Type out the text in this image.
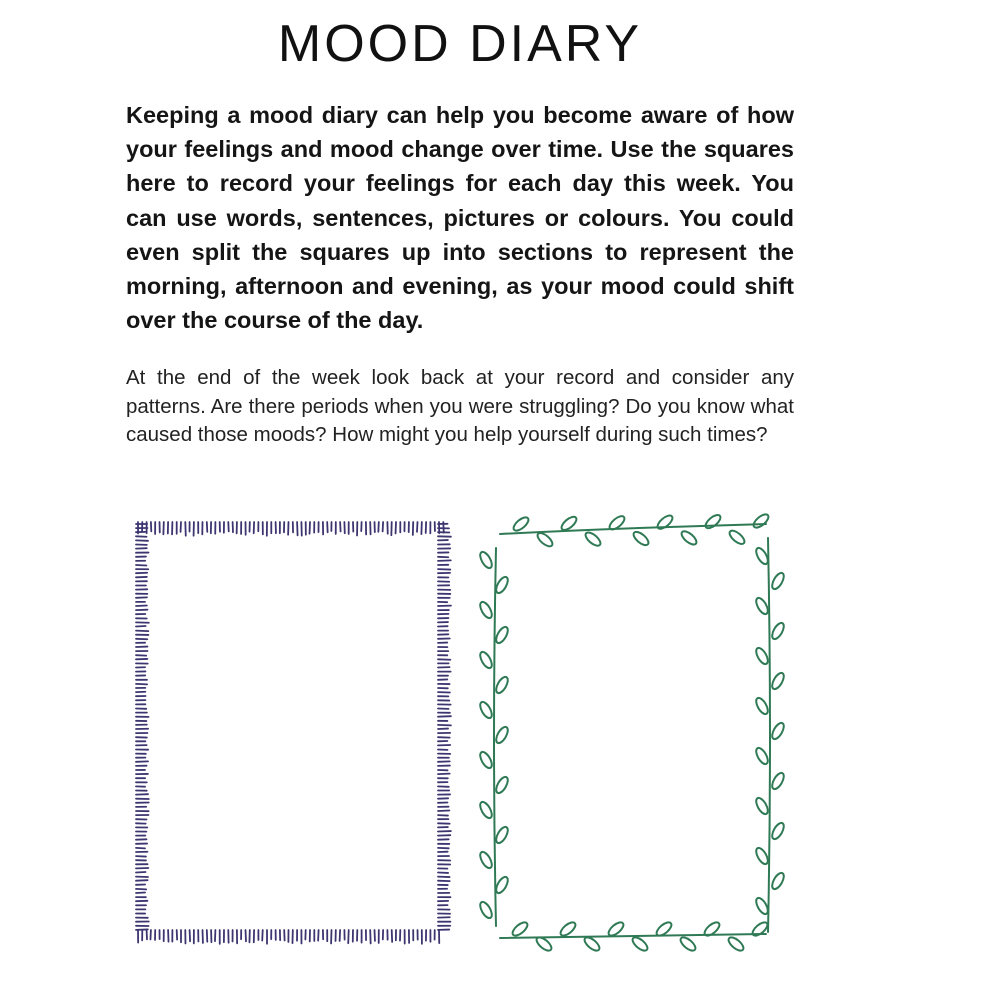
MOOD DIARY

Keeping a mood diary can help you become aware of how your feelings and mood change over time. Use the squares here to record your feelings for each day this week. You can use words, sentences, pictures or colours. You could even split the squares up into sections to represent the morning, afternoon and evening, as your mood could shift over the course of the day.

At the end of the week look back at your record and consider any patterns. Are there periods when you were struggling? Do you know what caused those moods? How might you help yourself during such times?
